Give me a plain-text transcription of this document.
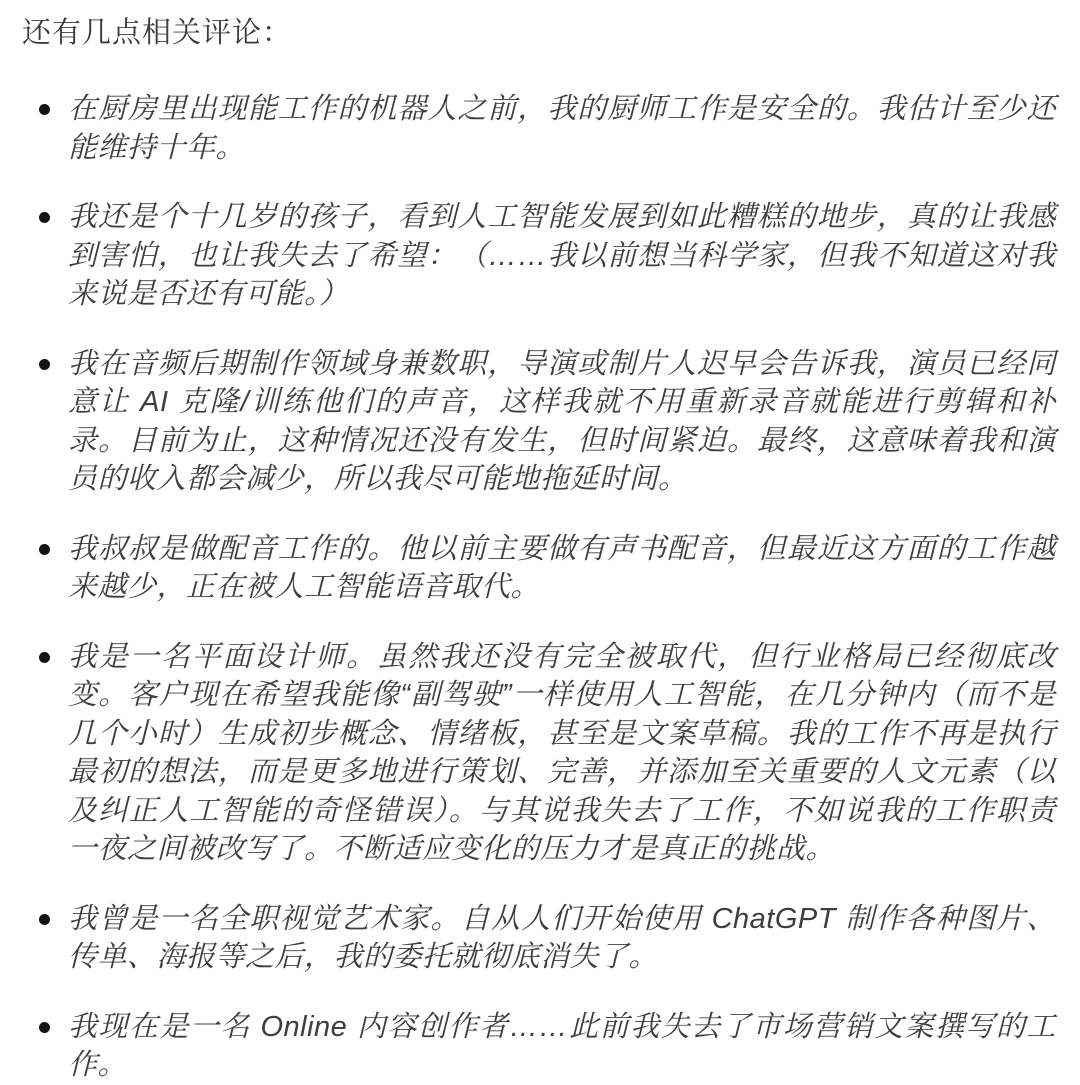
还有几点相关评论：
在厨房里出现能工作的机器人之前，我的厨师工作是安全的。我估计至少还能维持十年。
我还是个十几岁的孩子，看到人工智能发展到如此糟糕的地步，真的让我感到害怕，也让我失去了希望：　（……我以前想当科学家，但我不知道这对我来说是否还有可能。）
我在音频后期制作领域身兼数职，导演或制片人迟早会告诉我，演员已经同意让 AI 克隆/训练他们的声音，这样我就不用重新录音就能进行剪辑和补录。目前为止，这种情况还没有发生，但时间紧迫。最终，这意味着我和演员的收入都会减少，所以我尽可能地拖延时间。
我叔叔是做配音工作的。他以前主要做有声书配音，但最近这方面的工作越来越少，正在被人工智能语音取代。
我是一名平面设计师。虽然我还没有完全被取代，但行业格局已经彻底改变。客户现在希望我能像“副驾驶”一样使用人工智能，在几分钟内（而不是几个小时）生成初步概念、情绪板，甚至是文案草稿。我的工作不再是执行最初的想法，而是更多地进行策划、完善，并添加至关重要的人文元素（以及纠正人工智能的奇怪错误）。与其说我失去了工作，不如说我的工作职责一夜之间被改写了。不断适应变化的压力才是真正的挑战。
我曾是一名全职视觉艺术家。自从人们开始使用 ChatGPT 制作各种图片、传单、海报等之后，我的委托就彻底消失了。
我现在是一名 Online 内容创作者……此前我失去了市场营销文案撰写的工作。
